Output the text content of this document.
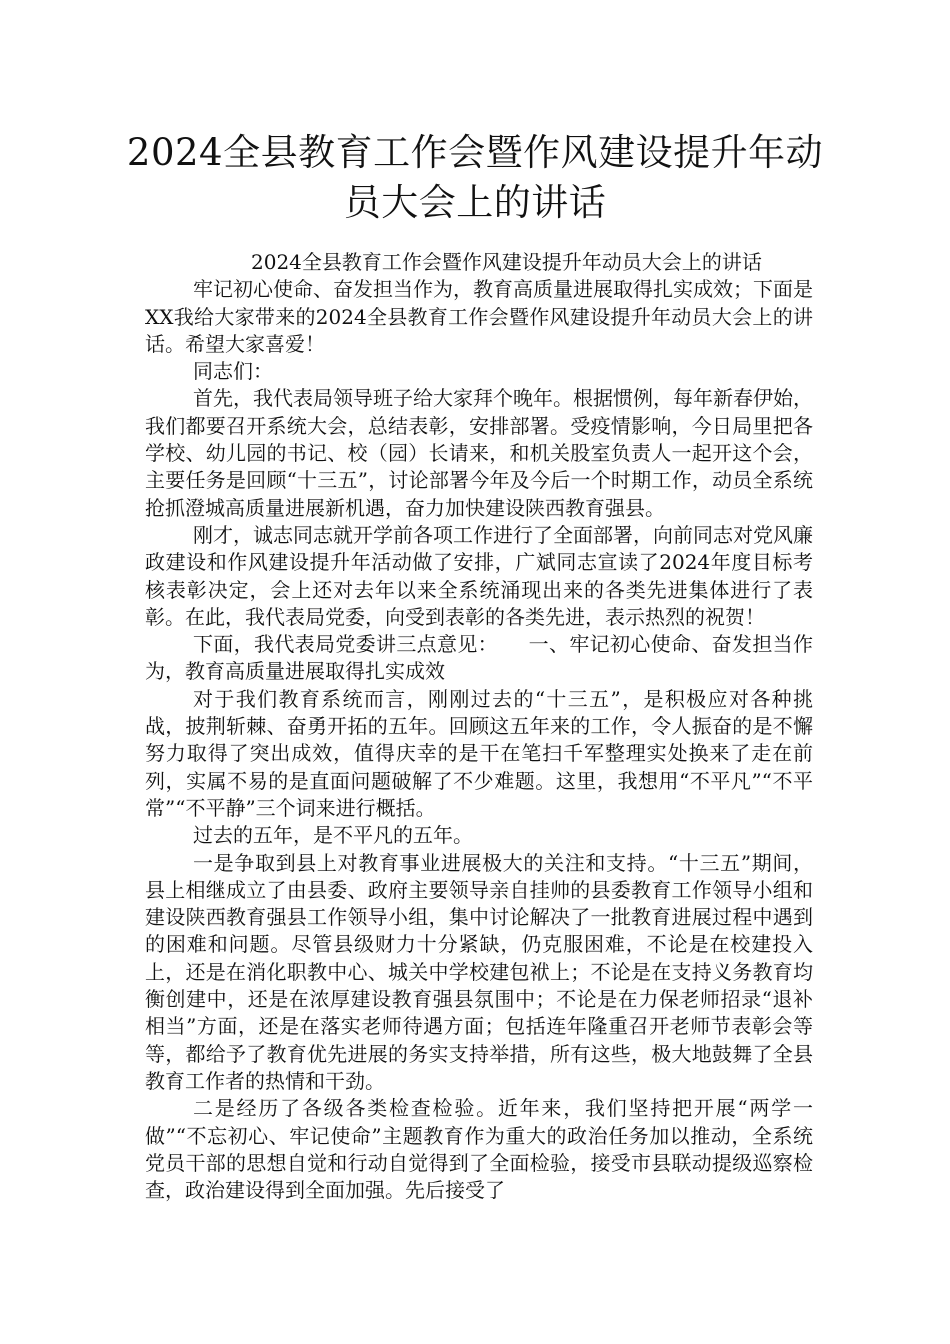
2024全县教育工作会暨作风建设提升年动员大会上的讲话

2024全县教育工作会暨作风建设提升年动员大会上的讲话

牢记初心使命、奋发担当作为，教育高质量进展取得扎实成效；下面是XX我给大家带来的2024全县教育工作会暨作风建设提升年动员大会上的讲话。希望大家喜爱！

同志们：

首先，我代表局领导班子给大家拜个晚年。根据惯例，每年新春伊始，我们都要召开系统大会，总结表彰，安排部署。受疫情影响，今日局里把各学校、幼儿园的书记、校（园）长请来，和机关股室负责人一起开这个会，主要任务是回顾“十三五”，讨论部署今年及今后一个时期工作，动员全系统抢抓澄城高质量进展新机遇，奋力加快建设陕西教育强县。

刚才，诚志同志就开学前各项工作进行了全面部署，向前同志对党风廉政建设和作风建设提升年活动做了安排，广斌同志宣读了2024年度目标考核表彰决定，会上还对去年以来全系统涌现出来的各类先进集体进行了表彰。在此，我代表局党委，向受到表彰的各类先进，表示热烈的祝贺！

下面，我代表局党委讲三点意见：　　一、牢记初心使命、奋发担当作为，教育高质量进展取得扎实成效

对于我们教育系统而言，刚刚过去的“十三五”，是积极应对各种挑战，披荆斩棘、奋勇开拓的五年。回顾这五年来的工作，令人振奋的是不懈努力取得了突出成效，值得庆幸的是干在笔扫千军整理实处换来了走在前列，实属不易的是直面问题破解了不少难题。这里，我想用“不平凡”“不平常”“不平静”三个词来进行概括。

过去的五年，是不平凡的五年。

一是争取到县上对教育事业进展极大的关注和支持。“十三五”期间，县上相继成立了由县委、政府主要领导亲自挂帅的县委教育工作领导小组和建设陕西教育强县工作领导小组，集中讨论解决了一批教育进展过程中遇到的困难和问题。尽管县级财力十分紧缺，仍克服困难，不论是在校建投入上，还是在消化职教中心、城关中学校建包袱上；不论是在支持义务教育均衡创建中，还是在浓厚建设教育强县氛围中；不论是在力保老师招录“退补相当”方面，还是在落实老师待遇方面；包括连年隆重召开老师节表彰会等等，都给予了教育优先进展的务实支持举措，所有这些，极大地鼓舞了全县教育工作者的热情和干劲。

二是经历了各级各类检查检验。近年来，我们坚持把开展“两学一做”“不忘初心、牢记使命”主题教育作为重大的政治任务加以推动，全系统党员干部的思想自觉和行动自觉得到了全面检验，接受市县联动提级巡察检查，政治建设得到全面加强。先后接受了
